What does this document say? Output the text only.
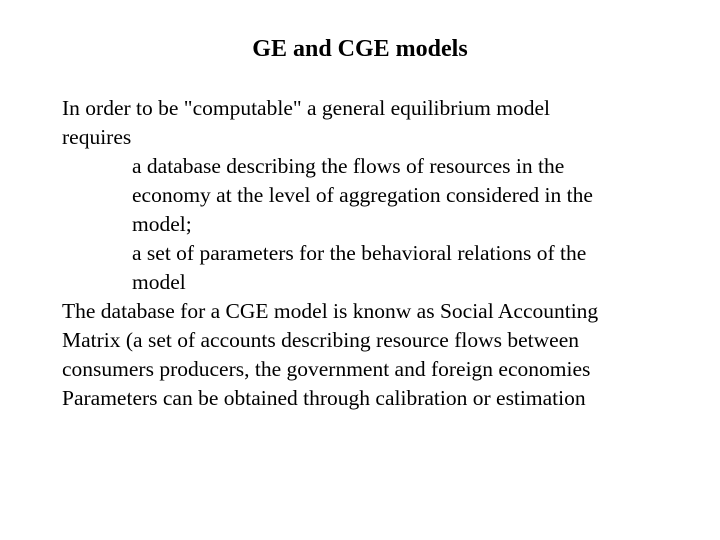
GE and CGE models
In order to be "computable" a general equilibrium model
requires
a database describing the flows of resources in the
economy at the level of aggregation considered in the
model;
a set of parameters for the behavioral relations of the
model
The database for a CGE model is knonw as Social Accounting
Matrix (a set of accounts describing resource flows between
consumers producers, the government and foreign economies
Parameters can be obtained through calibration or estimation
